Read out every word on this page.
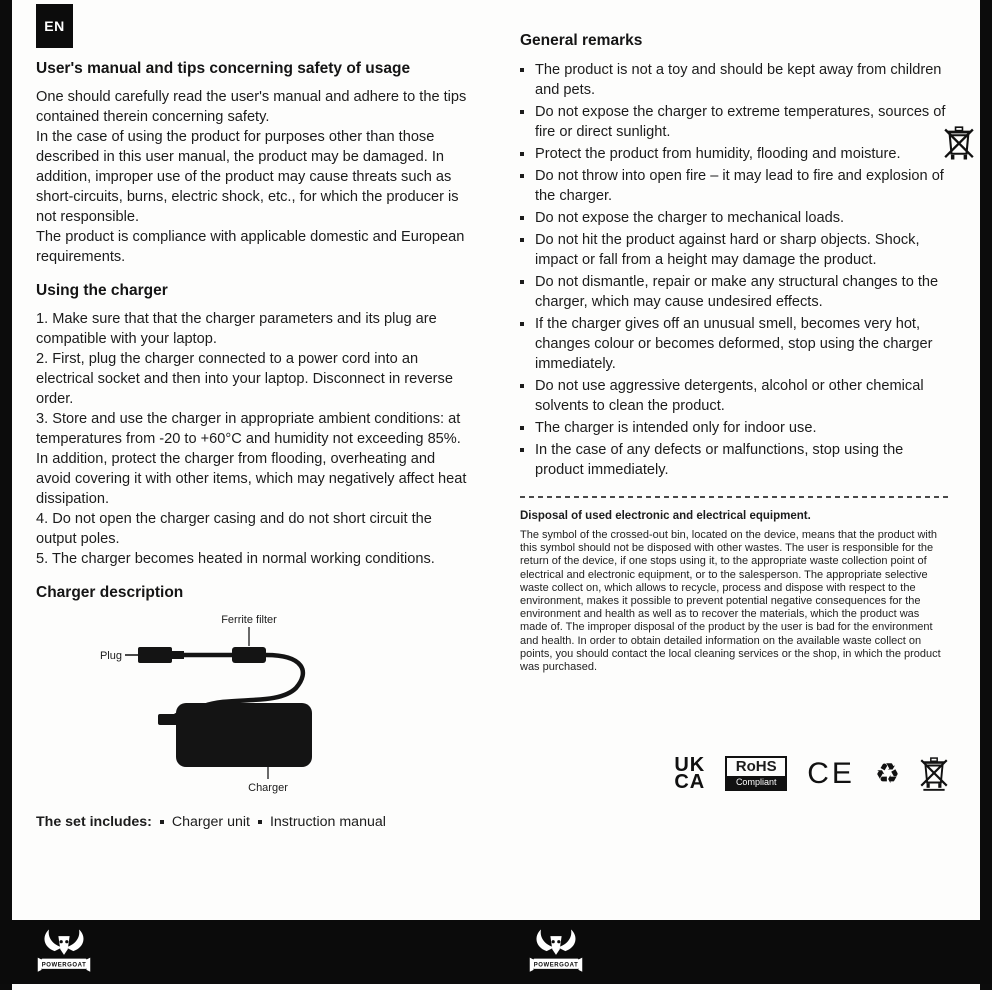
EN
User's manual and tips concerning safety of usage
One should carefully read the user's manual and adhere to the tips contained therein concerning safety.
In the case of using the product for purposes other than those described in this user manual, the product may be damaged. In addition, improper use of the product may cause threats such as short-circuits, burns, electric shock, etc., for which the producer is not responsible.
The product is compliance with applicable domestic and European requirements.
Using the charger
1. Make sure that that the charger parameters and its plug are compatible with your laptop.
2. First, plug the charger connected to a power cord into an electrical socket and then into your laptop. Disconnect in reverse order.
3. Store and use the charger in appropriate ambient conditions: at temperatures from -20 to +60°C and humidity not exceeding 85%. In addition, protect the charger from flooding, overheating and avoid covering it with other items, which may negatively affect heat dissipation.
4. Do not open the charger casing and do not short circuit the output poles.
5. The charger becomes heated in normal working conditions.
Charger description
Ferrite filter
Plug
Charger
The set includes: Charger unit Instruction manual
General remarks
The product is not a toy and should be kept away from children and pets.
Do not expose the charger to extreme temperatures, sources of fire or direct sunlight.
Protect the product from humidity, flooding and moisture.
Do not throw into open fire – it may lead to fire and explosion of the charger.
Do not expose the charger to mechanical loads.
Do not hit the product against hard or sharp objects. Shock, impact or fall from a height may damage the product.
Do not dismantle, repair or make any structural changes to the charger, which may cause undesired effects.
If the charger gives off an unusual smell, becomes very hot, changes colour or becomes deformed, stop using the charger immediately.
Do not use aggressive detergents, alcohol or other chemical solvents to clean the product.
The charger is intended only for indoor use.
In the case of any defects or malfunctions, stop using the product immediately.
Disposal of used electronic and electrical equipment.

The symbol of the crossed-out bin, located on the device, means that the product with this symbol should not be disposed with other wastes. The user is responsible for the return of the device, if one stops using it, to the appropriate waste collection point of electrical and electronic equipment, or to the salesperson. The appropriate selective waste collect on, which allows to recycle, process and dispose with respect to the environment, makes it possible to prevent potential negative consequences for the environment and health as well as to recover the materials, which the product was made of. The improper disposal of the product by the user is bad for the environment and health. In order to obtain detailed information on the available waste collect on points, you should contact the local cleaning services or the shop, in which the product was purchased.

UK
CA
RoHS
Compliant CE ♻
POWERGOAT	POWERGOAT
